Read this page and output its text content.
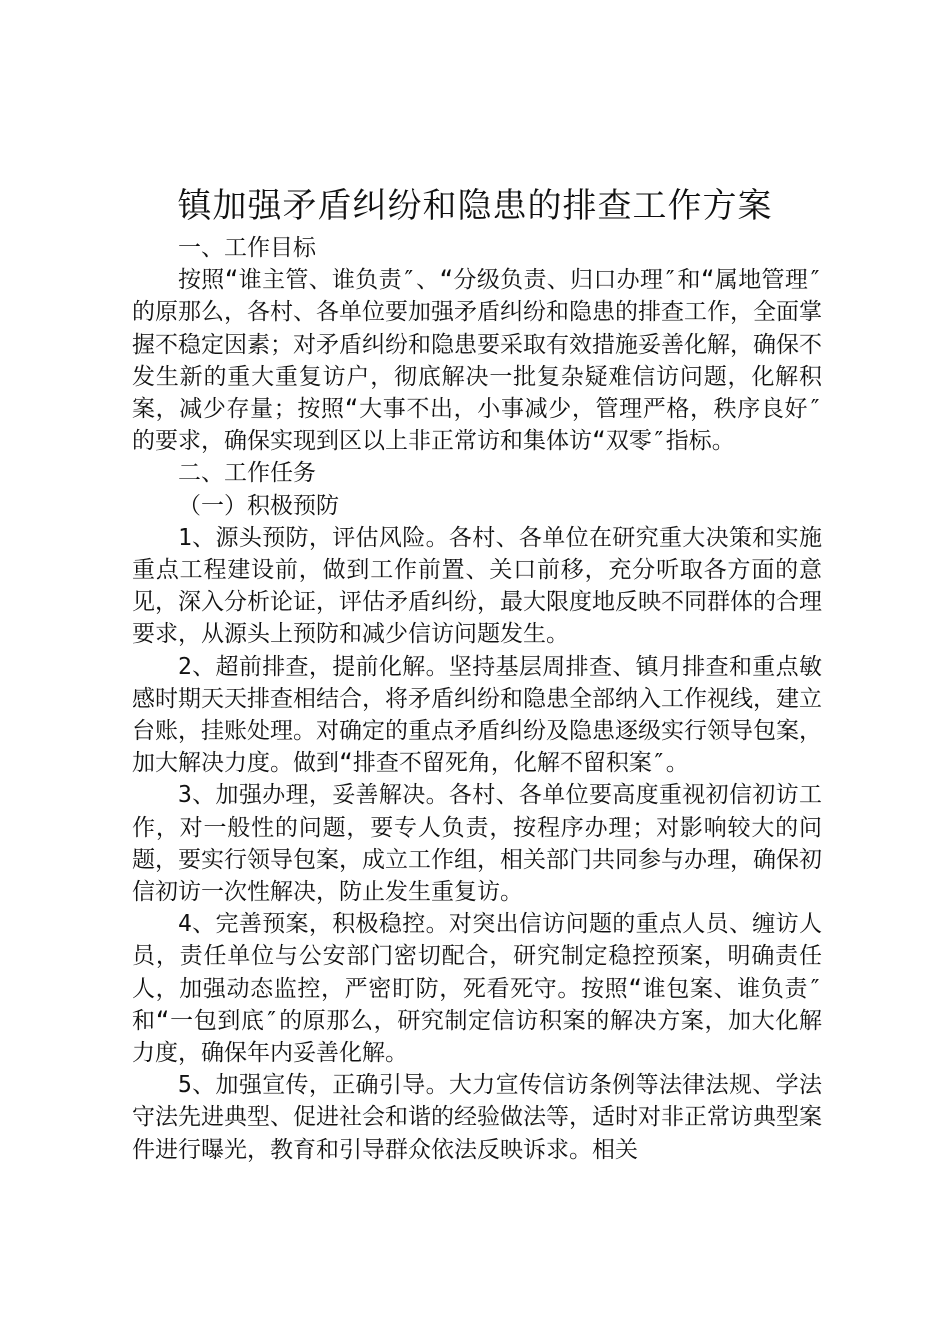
镇加强矛盾纠纷和隐患的排查工作方案

一、工作目标

按照“谁主管、谁负责″、“分级负责、归口办理″和“属地管理″的原那么，各村、各单位要加强矛盾纠纷和隐患的排查工作，全面掌握不稳定因素；对矛盾纠纷和隐患要采取有效措施妥善化解，确保不发生新的重大重复访户，彻底解决一批复杂疑难信访问题，化解积案，减少存量；按照“大事不出，小事减少，管理严格，秩序良好″的要求，确保实现到区以上非正常访和集体访“双零″指标。

二、工作任务

（一）积极预防

1、源头预防，评估风险。各村、各单位在研究重大决策和实施重点工程建设前，做到工作前置、关口前移，充分听取各方面的意见，深入分析论证，评估矛盾纠纷，最大限度地反映不同群体的合理要求，从源头上预防和减少信访问题发生。

2、超前排查，提前化解。坚持基层周排查、镇月排查和重点敏感时期天天排查相结合，将矛盾纠纷和隐患全部纳入工作视线，建立台账，挂账处理。对确定的重点矛盾纠纷及隐患逐级实行领导包案，加大解决力度。做到“排查不留死角，化解不留积案″。

3、加强办理，妥善解决。各村、各单位要高度重视初信初访工作，对一般性的问题，要专人负责，按程序办理；对影响较大的问题，要实行领导包案，成立工作组，相关部门共同参与办理，确保初信初访一次性解决，防止发生重复访。

4、完善预案，积极稳控。对突出信访问题的重点人员、缠访人员，责任单位与公安部门密切配合，研究制定稳控预案，明确责任人，加强动态监控，严密盯防，死看死守。按照“谁包案、谁负责″和“一包到底″的原那么，研究制定信访积案的解决方案，加大化解力度，确保年内妥善化解。

5、加强宣传，正确引导。大力宣传信访条例等法律法规、学法守法先进典型、促进社会和谐的经验做法等，适时对非正常访典型案件进行曝光，教育和引导群众依法反映诉求。相关
